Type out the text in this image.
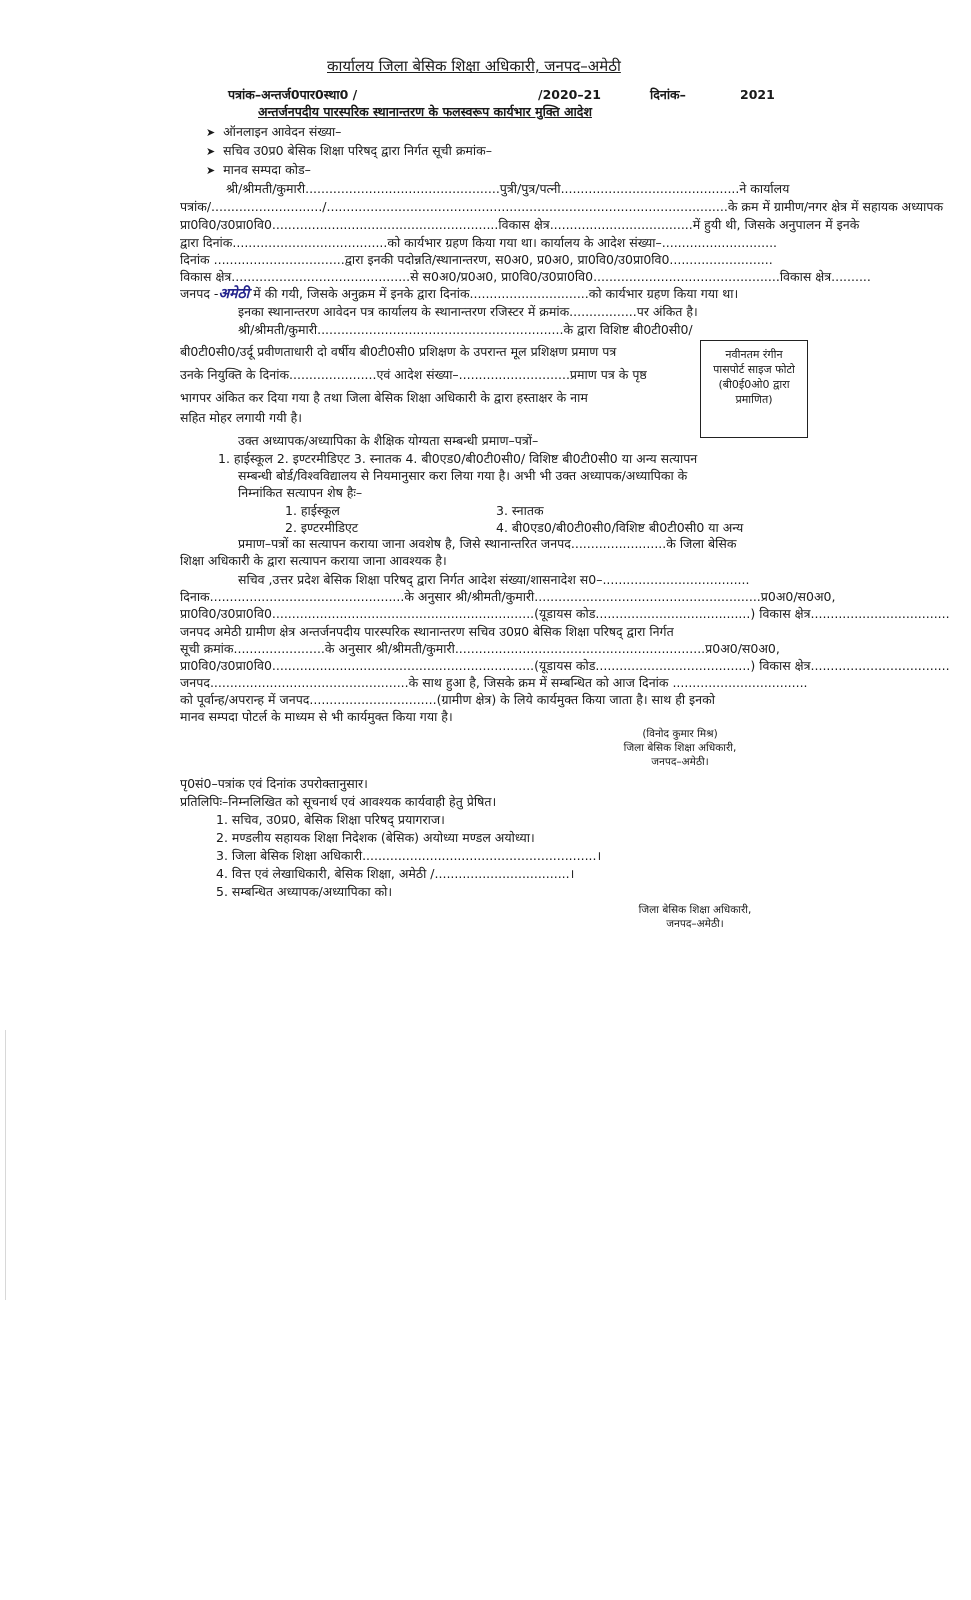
कार्यालय जिला बेसिक शिक्षा अधिकारी, जनपद–अमेठी
पत्रांक–अन्तर्ज0पार0स्था0 /	/2020–21	दिनांक–	2021
अन्तर्जनपदीय पारस्परिक स्थानान्तरण के फलस्वरूप कार्यभार मुक्ति आदेश
➤ ऑनलाइन आवेदन संख्या–
➤ सचिव उ0प्र0 बेसिक शिक्षा परिषद् द्वारा निर्गत सूची क्रमांक–
➤ मानव सम्पदा कोड–
श्री/श्रीमती/कुमारी.................................................पुत्री/पुत्र/पत्नी.............................................ने कार्यालय
पत्रांक/............................/.....................................................................................................के क्रम में ग्रामीण/नगर क्षेत्र में सहायक अध्यापक
प्रा0वि0/उ0प्रा0वि0.........................................................विकास क्षेत्र....................................में हुयी थी, जिसके अनुपालन में इनके
द्वारा दिनांक.......................................को कार्यभार ग्रहण किया गया था। कार्यालय के आदेश संख्या–.............................
दिनांक .................................द्वारा इनकी पदोन्नति/स्थानान्तरण, स0अ0, प्र0अ0, प्रा0वि0/उ0प्रा0वि0..........................
विकास क्षेत्र.............................................से स0अ0/प्र0अ0, प्रा0वि0/उ0प्रा0वि0...............................................विकास क्षेत्र..........
जनपद -अमेठी में की गयी, जिसके अनुक्रम में इनके द्वारा दिनांक..............................को कार्यभार ग्रहण किया गया था।
इनका स्थानान्तरण आवेदन पत्र कार्यालय के स्थानान्तरण रजिस्टर में क्रमांक.................पर अंकित है।
श्री/श्रीमती/कुमारी..............................................................के द्वारा विशिष्ट बी0टी0सी0/
बी0टी0सी0/उर्दू प्रवीणताधारी दो वर्षीय बी0टी0सी0 प्रशिक्षण के उपरान्त मूल प्रशिक्षण प्रमाण पत्र
उनके नियुक्ति के दिनांक......................एवं आदेश संख्या–............................प्रमाण पत्र के पृष्ठ
भागपर अंकित कर दिया गया है तथा जिला बेसिक शिक्षा अधिकारी के द्वारा हस्ताक्षर के नाम
सहित मोहर लगायी गयी है।
नवीनतम रंगीन
पासपोर्ट साइज फोटो
(बी0ई0ओ0 द्वारा
प्रमाणित)
उक्त अध्यापक/अध्यापिका के शैक्षिक योग्यता सम्बन्धी प्रमाण–पत्रों–
1. हाईस्कूल 2. इण्टरमीडिएट 3. स्नातक 4. बी0एड0/बी0टी0सी0/ विशिष्ट बी0टी0सी0 या अन्य सत्यापन
सम्बन्धी बोर्ड/विश्वविद्यालय से नियमानुसार करा लिया गया है। अभी भी उक्त अध्यापक/अध्यापिका के
निम्नांकित सत्यापन शेष हैः–
1. हाईस्कूल	3. स्नातक
2. इण्टरमीडिएट	4. बी0एड0/बी0टी0सी0/विशिष्ट बी0टी0सी0 या अन्य
प्रमाण–पत्रों का सत्यापन कराया जाना अवशेष है, जिसे स्थानान्तरित जनपद........................के जिला बेसिक
शिक्षा अधिकारी के द्वारा सत्यापन कराया जाना आवश्यक है।
सचिव ,उत्तर प्रदेश बेसिक शिक्षा परिषद् द्वारा निर्गत आदेश संख्या/शासनादेश स0–.....................................
दिनाक.................................................के अनुसार श्री/श्रीमती/कुमारी.........................................................प्र0अ0/स0अ0,
प्रा0वि0/उ0प्रा0वि0..................................................................(यूडायस कोड.......................................) विकास क्षेत्र...................................
जनपद अमेठी ग्रामीण क्षेत्र अन्तर्जनपदीय पारस्परिक स्थानान्तरण सचिव उ0प्र0 बेसिक शिक्षा परिषद् द्वारा निर्गत
सूची क्रमांक.......................के अनुसार श्री/श्रीमती/कुमारी...............................................................प्र0अ0/स0अ0,
प्रा0वि0/उ0प्रा0वि0..................................................................(यूडायस कोड.......................................) विकास क्षेत्र...................................
जनपद..................................................के साथ हुआ है, जिसके क्रम में सम्बन्धित को आज दिनांक ..................................
को पूर्वान्ह/अपरान्ह में जनपद................................(ग्रामीण क्षेत्र) के लिये कार्यमुक्त किया जाता है। साथ ही इनको
मानव सम्पदा पोटर्ल के माध्यम से भी कार्यमुक्त किया गया है।
(विनोद कुमार मिश्र)
जिला बेसिक शिक्षा अधिकारी,
जनपद–अमेठी।
पृ0सं0–पत्रांक एवं दिनांक उपरोक्तानुसार।
प्रतिलिपिः–निम्नलिखित को सूचनार्थ एवं आवश्यक कार्यवाही हेतु प्रेषित।
1. सचिव, उ0प्र0, बेसिक शिक्षा परिषद् प्रयागराज।
2. मण्डलीय सहायक शिक्षा निदेशक (बेसिक) अयोध्या मण्डल अयोध्या।
3. जिला बेसिक शिक्षा अधिकारी...........................................................।
4. वित्त एवं लेखाधिकारी, बेसिक शिक्षा, अमेठी /..................................।
5. सम्बन्धित अध्यापक/अध्यापिका को।
जिला बेसिक शिक्षा अधिकारी,
जनपद–अमेठी।
